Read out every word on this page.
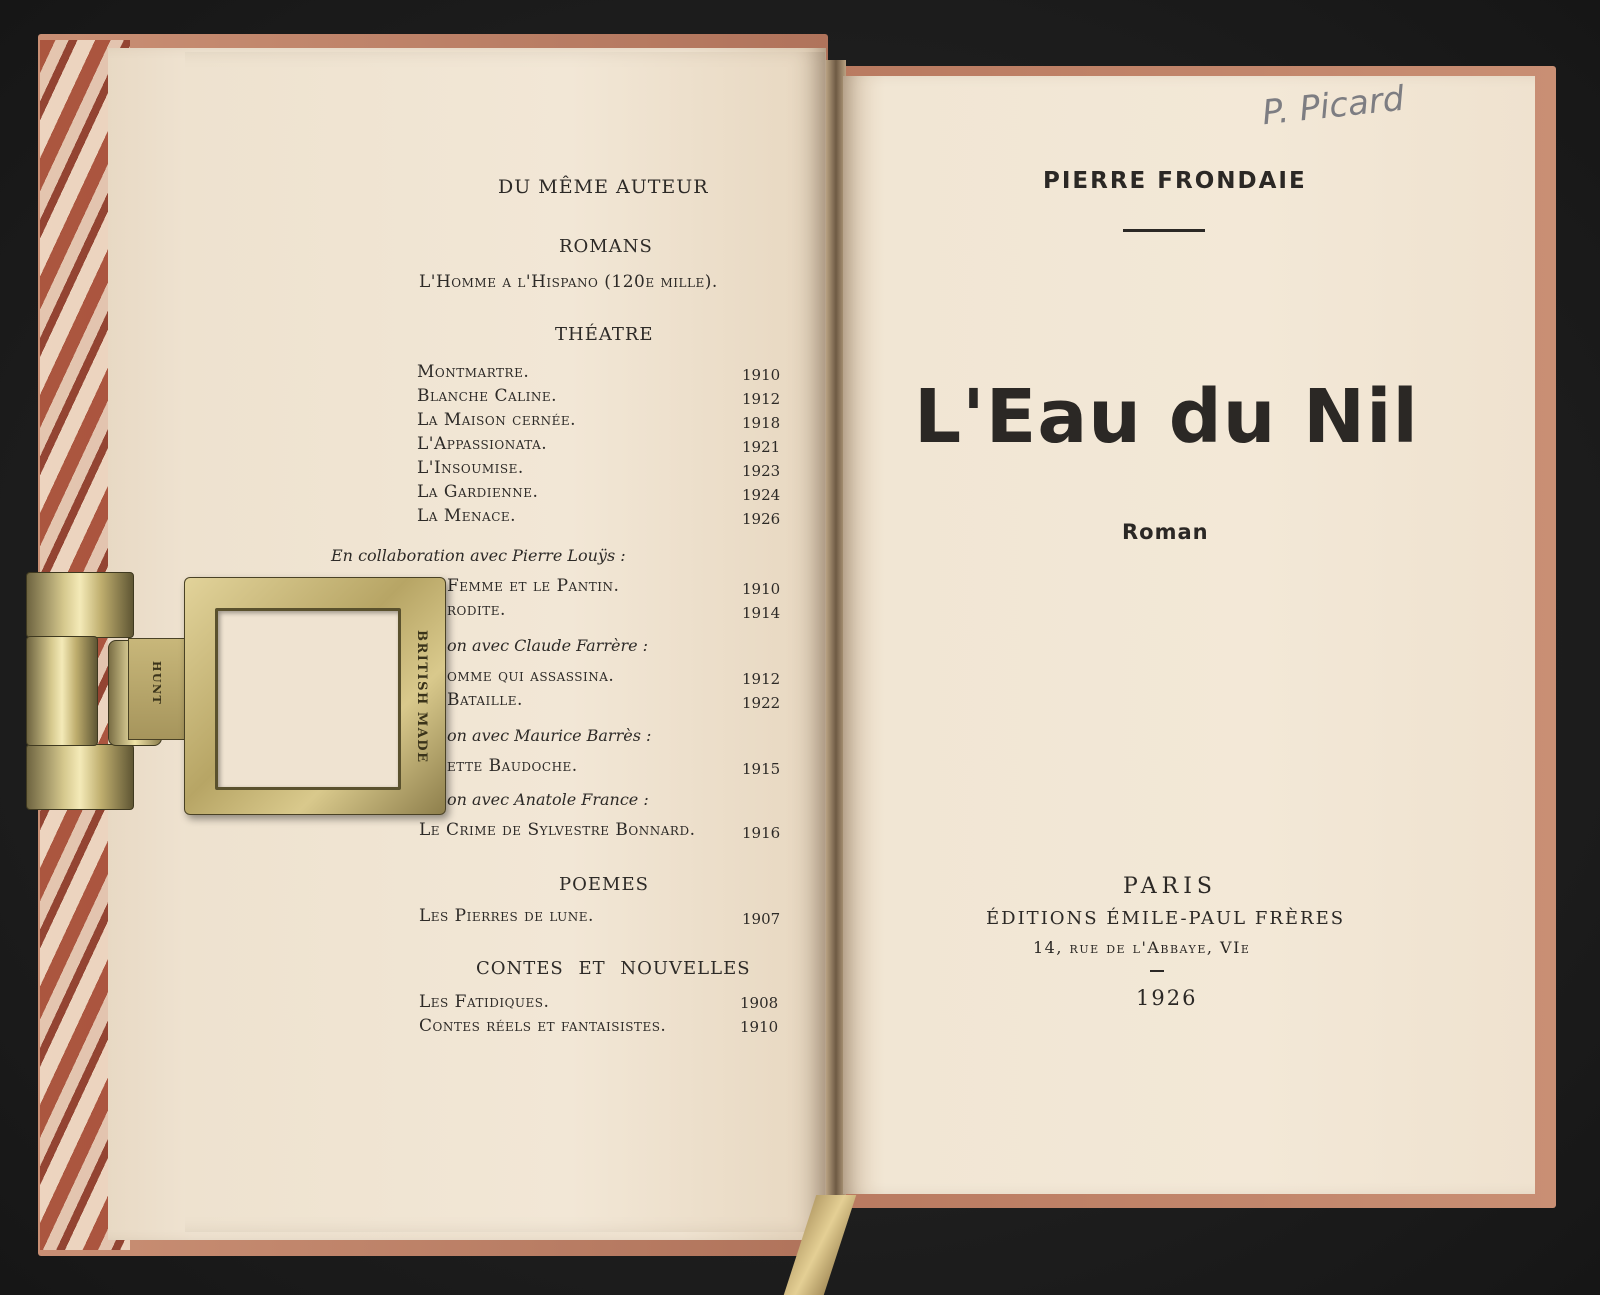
DU MÊME AUTEUR
ROMANS
L'Homme a l'Hispano (120e mille).
THÉATRE
Montmartre.	1910
Blanche Caline.	1912
La Maison cernée.	1918
L'Appassionata.	1921
L'Insoumise.	1923
La Gardienne.	1924
La Menace.	1926
En collaboration avec Pierre Louÿs :
Femme et le Pantin.	1910
rodite.	1914
on avec Claude Farrère :
omme qui assassina.	1912
Bataille.	1922
on avec Maurice Barrès :
ette Baudoche.	1915
on avec Anatole France :
Le Crime de Sylvestre Bonnard.	1916
POEMES
Les Pierres de lune.	1907
CONTES ET NOUVELLES
Les Fatidiques.	1908
Contes réels et fantaisistes.	1910
P. Picard
PIERRE FRONDAIE
L'Eau du Nil
Roman
PARIS
ÉDITIONS ÉMILE-PAUL FRÈRES
14, rue de l'Abbaye, VIe
1926
HUNT	BRITISH MADE
